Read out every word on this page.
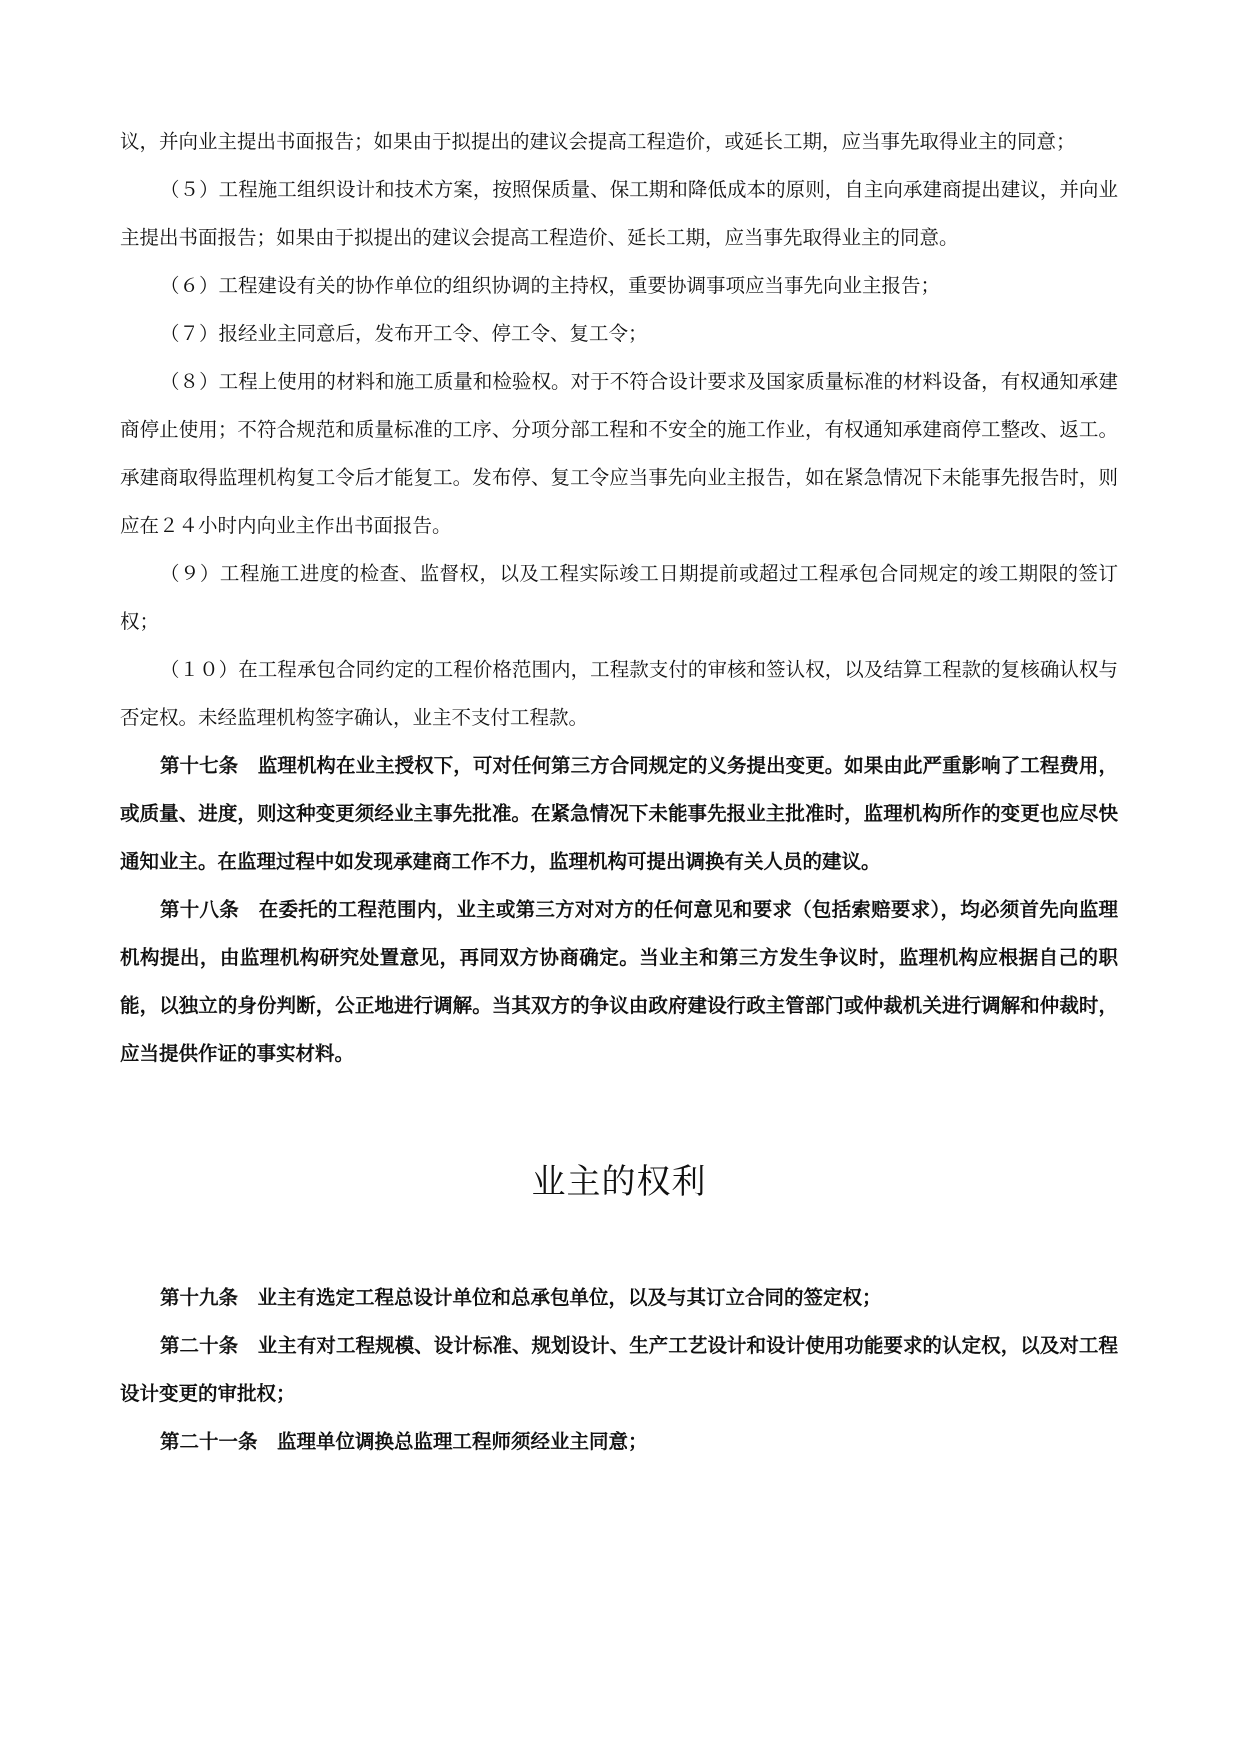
议，并向业主提出书面报告；如果由于拟提出的建议会提高工程造价，或延长工期，应当事先取得业主的同意；

（５）工程施工组织设计和技术方案，按照保质量、保工期和降低成本的原则，自主向承建商提出建议，并向业主提出书面报告；如果由于拟提出的建议会提高工程造价、延长工期，应当事先取得业主的同意。

（６）工程建设有关的协作单位的组织协调的主持权，重要协调事项应当事先向业主报告；

（７）报经业主同意后，发布开工令、停工令、复工令；

（８）工程上使用的材料和施工质量和检验权。对于不符合设计要求及国家质量标准的材料设备，有权通知承建商停止使用；不符合规范和质量标准的工序、分项分部工程和不安全的施工作业，有权通知承建商停工整改、返工。承建商取得监理机构复工令后才能复工。发布停、复工令应当事先向业主报告，如在紧急情况下未能事先报告时，则应在２４小时内向业主作出书面报告。

（９）工程施工进度的检查、监督权，以及工程实际竣工日期提前或超过工程承包合同规定的竣工期限的签订权；

（１０）在工程承包合同约定的工程价格范围内，工程款支付的审核和签认权，以及结算工程款的复核确认权与否定权。未经监理机构签字确认，业主不支付工程款。

第十七条　监理机构在业主授权下，可对任何第三方合同规定的义务提出变更。如果由此严重影响了工程费用，或质量、进度，则这种变更须经业主事先批准。在紧急情况下未能事先报业主批准时，监理机构所作的变更也应尽快通知业主。在监理过程中如发现承建商工作不力，监理机构可提出调换有关人员的建议。

第十八条　在委托的工程范围内，业主或第三方对对方的任何意见和要求（包括索赔要求），均必须首先向监理机构提出，由监理机构研究处置意见，再同双方协商确定。当业主和第三方发生争议时，监理机构应根据自己的职能，以独立的身份判断，公正地进行调解。当其双方的争议由政府建设行政主管部门或仲裁机关进行调解和仲裁时，应当提供作证的事实材料。

业主的权利

第十九条　业主有选定工程总设计单位和总承包单位，以及与其订立合同的签定权；

第二十条　业主有对工程规模、设计标准、规划设计、生产工艺设计和设计使用功能要求的认定权，以及对工程设计变更的审批权；

第二十一条　监理单位调换总监理工程师须经业主同意；
